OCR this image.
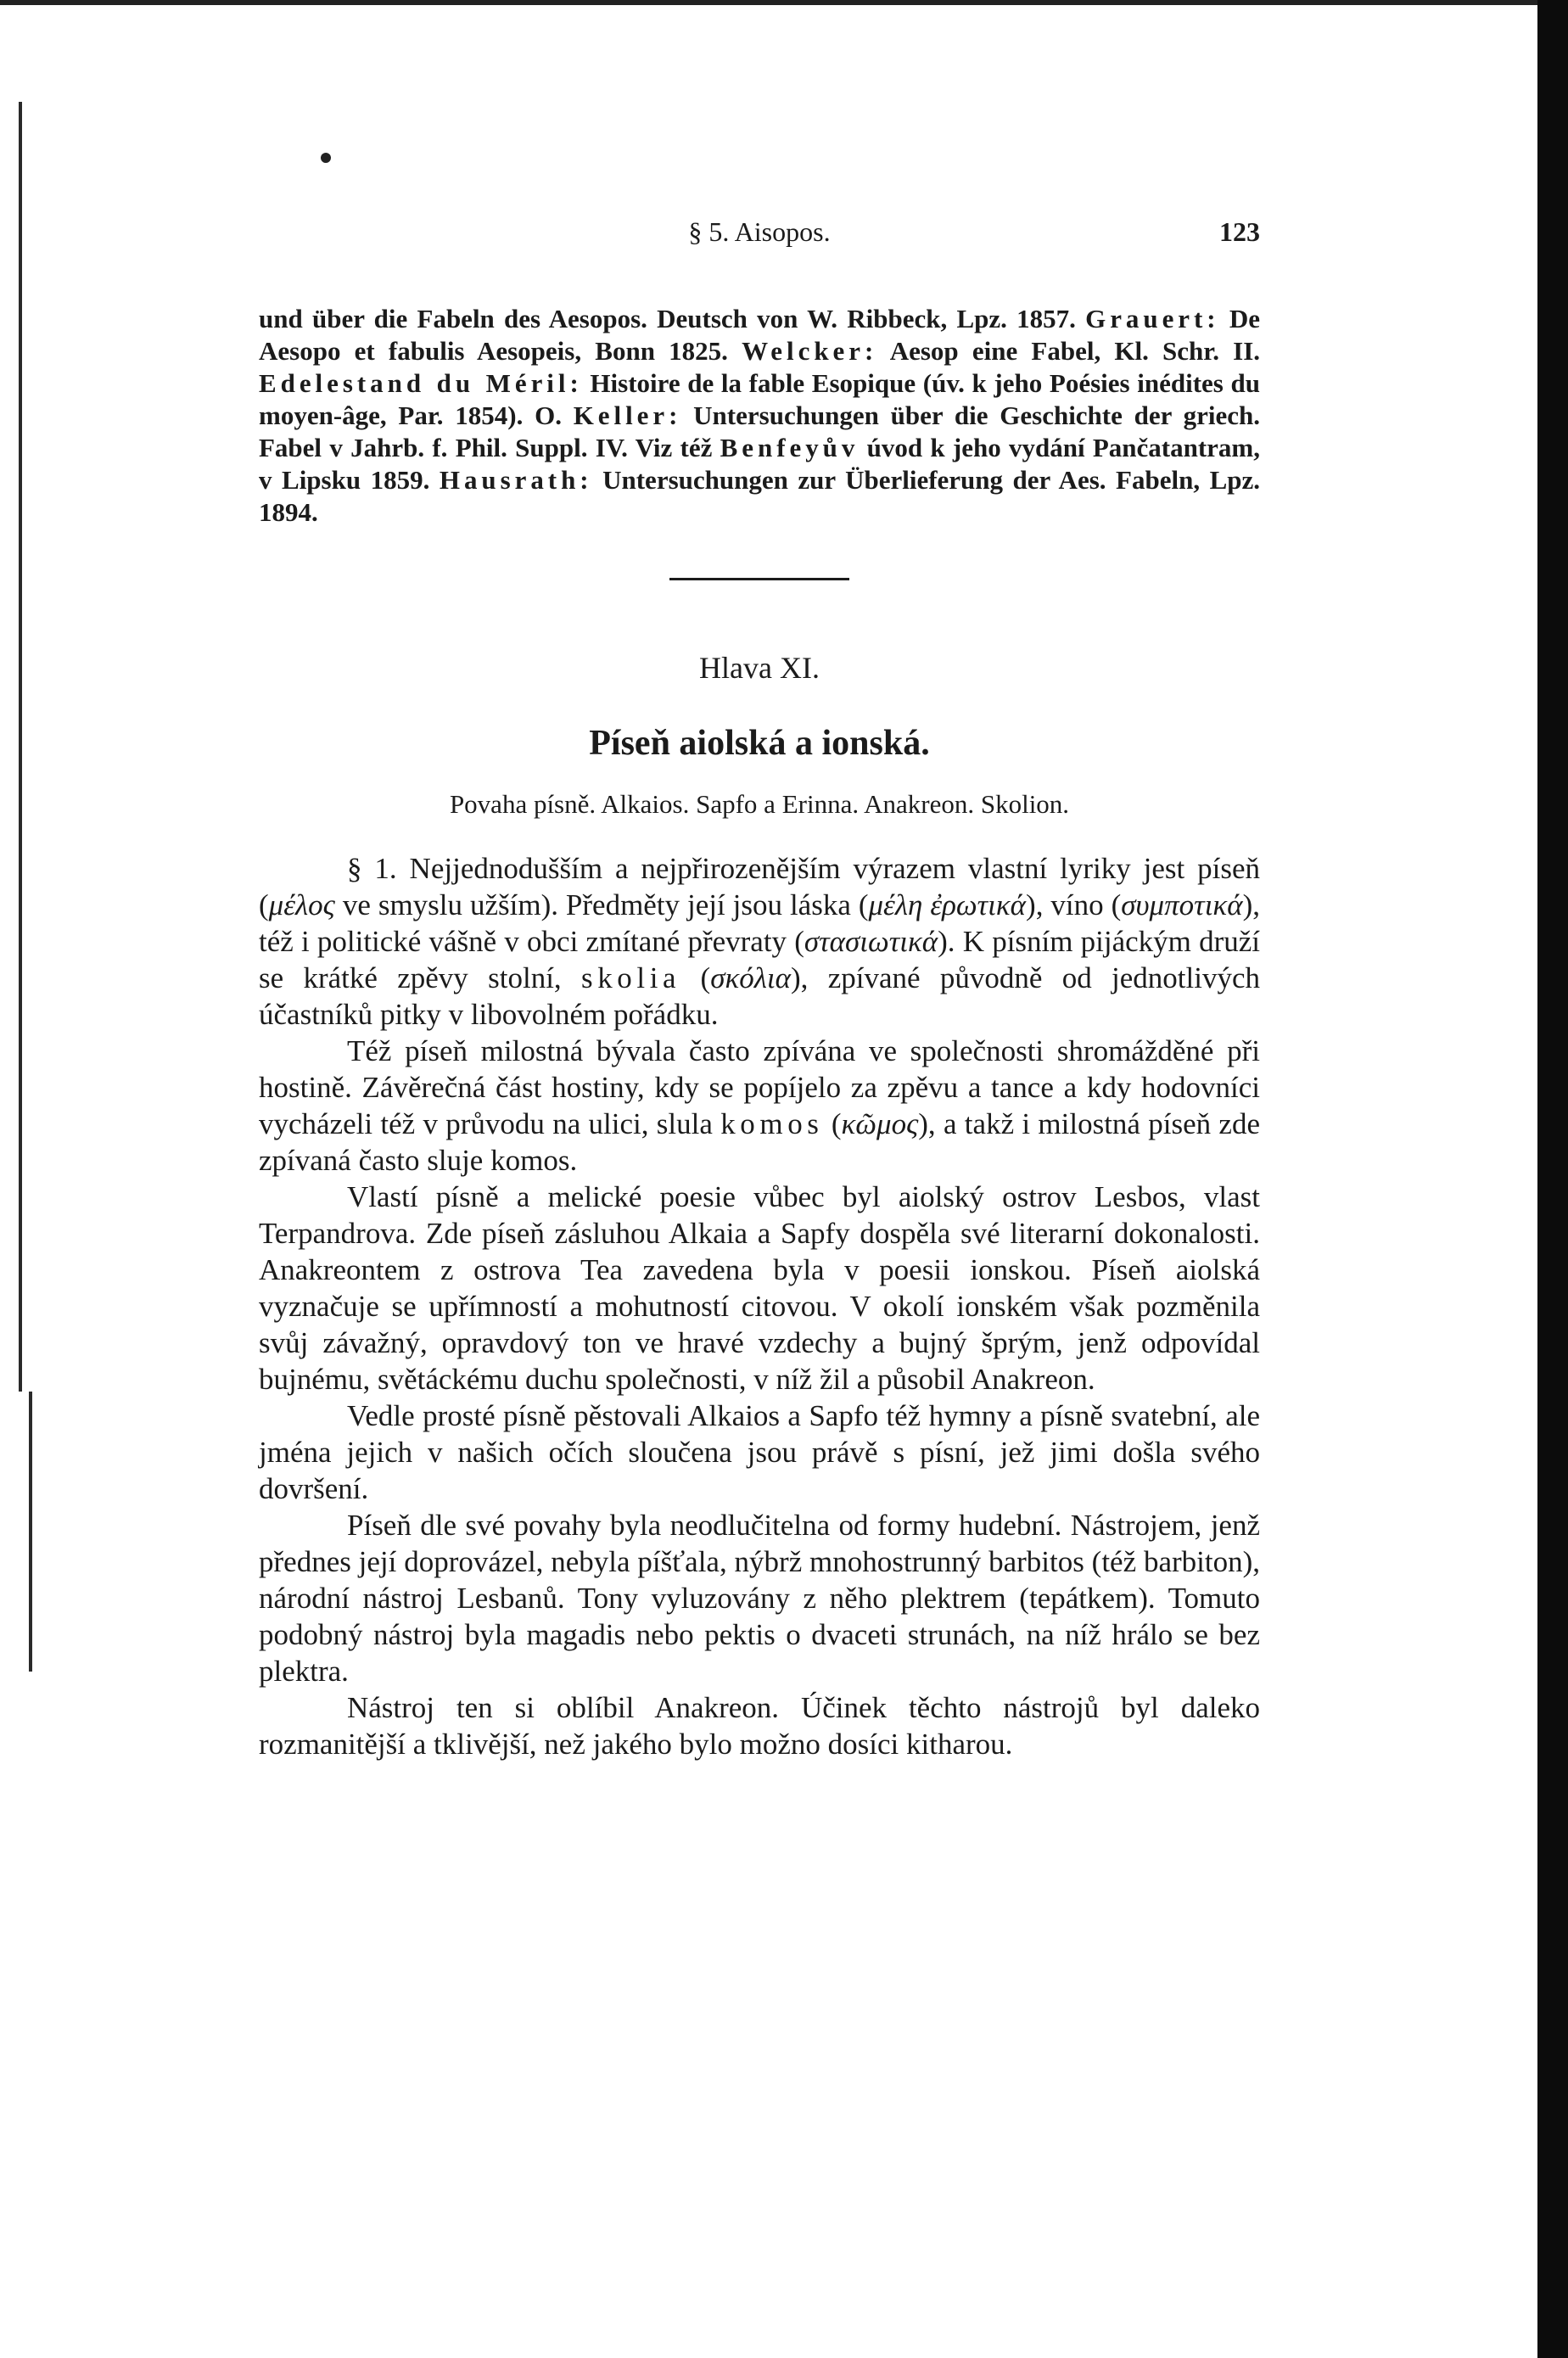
§ 5. Aisopos.	123

und über die Fabeln des Aesopos. Deutsch von W. Ribbeck, Lpz. 1857. Grauert: De Aesopo et fabulis Aesopeis, Bonn 1825. Welcker: Aesop eine Fabel, Kl. Schr. II. Edelestand du Méril: Histoire de la fable Esopique (úv. k jeho Poésies inédites du moyen-âge, Par. 1854). O. Keller: Untersuchungen über die Geschichte der griech. Fabel v Jahrb. f. Phil. Suppl. IV. Viz též Benfeyův úvod k jeho vydání Pančatantram, v Lipsku 1859. Hausrath: Untersuchungen zur Überlieferung der Aes. Fabeln, Lpz. 1894.

Hlava XI.
Píseň aiolská a ionská.
Povaha písně. Alkaios. Sapfo a Erinna. Anakreon. Skolion.

§ 1. Nejjednodušším a nejpřirozenějším výrazem vlastní lyriky jest píseň (μέλος ve smyslu užším). Předměty její jsou láska (μέλη ἐρωτικά), víno (συμποτικά), též i politické vášně v obci zmítané převraty (στασιωτικά). K písním pijáckým druží se krátké zpěvy stolní, skolia (σκόλια), zpívané původně od jednotlivých účastníků pitky v libovolném pořádku.

Též píseň milostná bývala často zpívána ve společnosti shromážděné při hostině. Závěrečná část hostiny, kdy se popíjelo za zpěvu a tance a kdy hodovníci vycházeli též v průvodu na ulici, slula komos (κῶμος), a takž i milostná píseň zde zpívaná často sluje komos.

Vlastí písně a melické poesie vůbec byl aiolský ostrov Lesbos, vlast Terpandrova. Zde píseň zásluhou Alkaia a Sapfy dospěla své literarní dokonalosti. Anakreontem z ostrova Tea zavedena byla v poesii ionskou. Píseň aiolská vyznačuje se upřímností a mohutností citovou. V okolí ionském však pozměnila svůj závažný, opravdový ton ve hravé vzdechy a bujný šprým, jenž odpovídal bujnému, světáckému duchu společnosti, v níž žil a působil Anakreon.

Vedle prosté písně pěstovali Alkaios a Sapfo též hymny a písně svatební, ale jména jejich v našich očích sloučena jsou právě s písní, jež jimi došla svého dovršení.

Píseň dle své povahy byla neodlučitelna od formy hudební. Nástrojem, jenž přednes její doprovázel, nebyla píšťala, nýbrž mnohostrunný barbitos (též barbiton), národní nástroj Lesbanů. Tony vyluzovány z něho plektrem (tepátkem). Tomuto podobný nástroj byla magadis nebo pektis o dvaceti strunách, na níž hrálo se bez plektra.

Nástroj ten si oblíbil Anakreon. Účinek těchto nástrojů byl daleko rozmanitější a tklivější, než jakého bylo možno dosíci kitharou.
